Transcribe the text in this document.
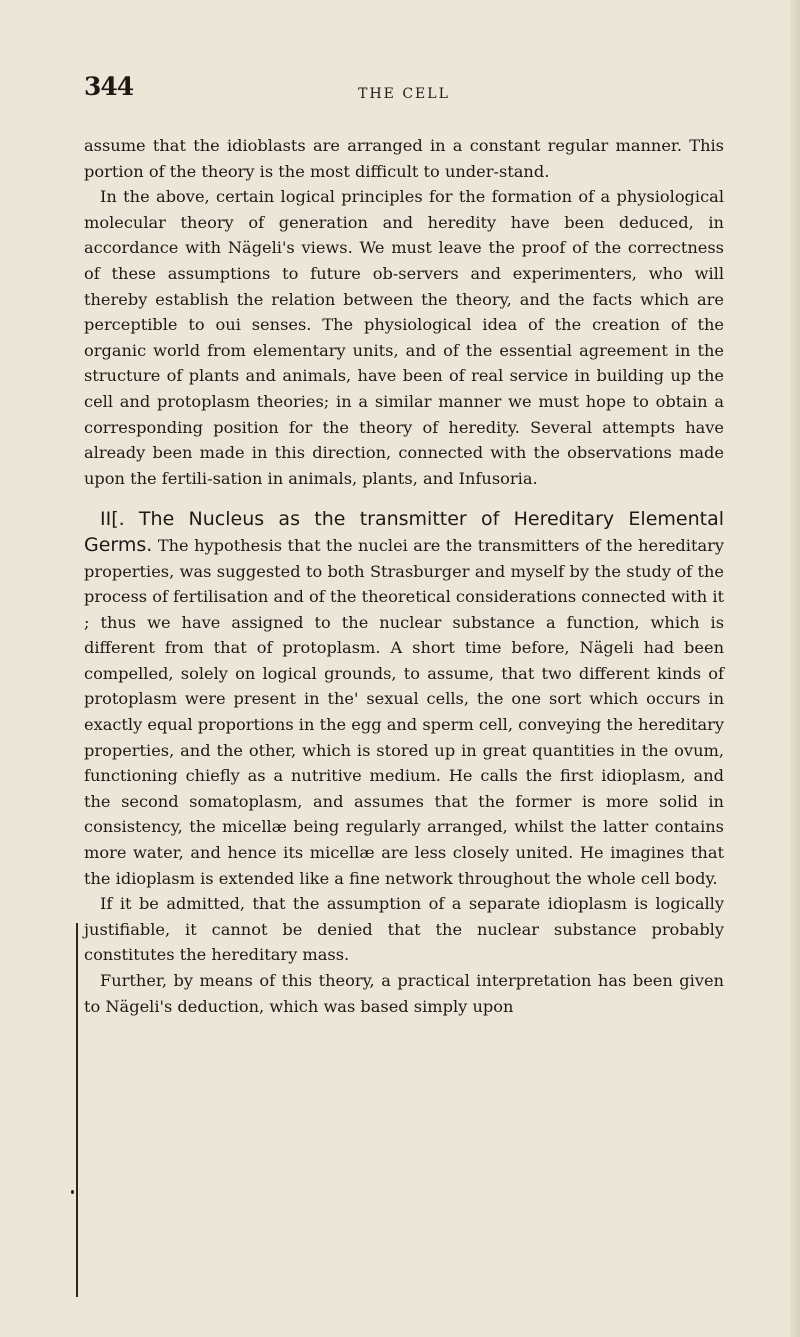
344	THE CELL

assume that the idioblasts are arranged in a constant regular manner. This portion of the theory is the most difficult to under-stand.

In the above, certain logical principles for the formation of a physiological molecular theory of generation and heredity have been deduced, in accordance with Nägeli's views. We must leave the proof of the correctness of these assumptions to future ob-servers and experimenters, who will thereby establish the relation between the theory, and the facts which are perceptible to oui senses. The physiological idea of the creation of the organic world from elementary units, and of the essential agreement in the structure of plants and animals, have been of real service in building up the cell and protoplasm theories; in a similar manner we must hope to obtain a corresponding position for the theory of heredity. Several attempts have already been made in this direction, connected with the observations made upon the fertili-sation in animals, plants, and Infusoria.

II[. The Nucleus as the transmitter of Hereditary Elemental Germs. The hypothesis that the nuclei are the transmitters of the hereditary properties, was suggested to both Strasburger and myself by the study of the process of fertilisation and of the theoretical considerations connected with it ; thus we have assigned to the nuclear substance a function, which is different from that of protoplasm. A short time before, Nägeli had been compelled, solely on logical grounds, to assume, that two different kinds of protoplasm were present in the' sexual cells, the one sort which occurs in exactly equal proportions in the egg and sperm cell, conveying the hereditary properties, and the other, which is stored up in great quantities in the ovum, functioning chiefly as a nutritive medium. He calls the first idioplasm, and the second somatoplasm, and assumes that the former is more solid in consistency, the micellæ being regularly arranged, whilst the latter contains more water, and hence its micellæ are less closely united. He imagines that the idioplasm is extended like a fine network throughout the whole cell body.

If it be admitted, that the assumption of a separate idioplasm is logically justifiable, it cannot be denied that the nuclear substance probably constitutes the hereditary mass.

Further, by means of this theory, a practical interpretation has been given to Nägeli's deduction, which was based simply upon
